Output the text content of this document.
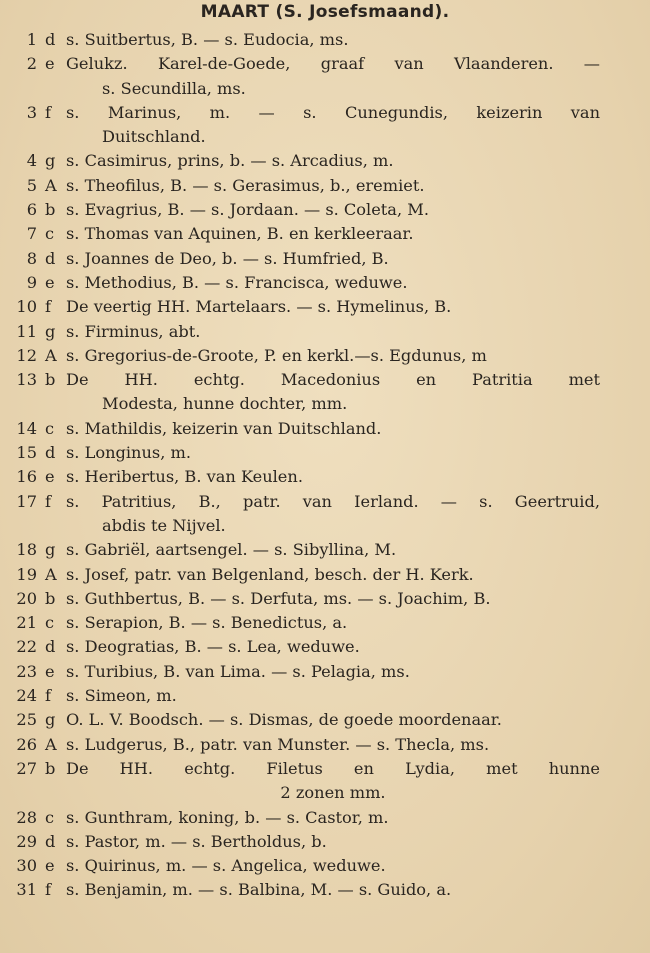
MAART (S. Josefsmaand).
1 d s. Suitbertus, B. — s. Eudocia, ms.
2 e Gelukz. Karel-de-Goede, graaf van Vlaanderen. —
s. Secundilla, ms.
3 f s. Marinus, m. — s. Cunegundis, keizerin van
Duitschland.
4 g s. Casimirus, prins, b. — s. Arcadius, m.
5 A s. Theofilus, B. — s. Gerasimus, b., eremiet.
6 b s. Evagrius, B. — s. Jordaan. — s. Coleta, M.
7 c s. Thomas van Aquinen, B. en kerkleeraar.
8 d s. Joannes de Deo, b. — s. Humfried, B.
9 e s. Methodius, B. — s. Francisca, weduwe.
10 f De veertig HH. Martelaars. — s. Hymelinus, B.
11 g s. Firminus, abt.
12 A s. Gregorius-de-Groote, P. en kerkl.—s. Egdunus, m
13 b De HH. echtg. Macedonius en Patritia met
Modesta, hunne dochter, mm.
14 c s. Mathildis, keizerin van Duitschland.
15 d s. Longinus, m.
16 e s. Heribertus, B. van Keulen.
17 f s. Patritius, B., patr. van Ierland. — s. Geertruid,
abdis te Nijvel.
18 g s. Gabriël, aartsengel. — s. Sibyllina, M.
19 A s. Josef, patr. van Belgenland, besch. der H. Kerk.
20 b s. Guthbertus, B. — s. Derfuta, ms. — s. Joachim, B.
21 c s. Serapion, B. — s. Benedictus, a.
22 d s. Deogratias, B. — s. Lea, weduwe.
23 e s. Turibius, B. van Lima. — s. Pelagia, ms.
24 f s. Simeon, m.
25 g O. L. V. Boodsch. — s. Dismas, de goede moordenaar.
26 A s. Ludgerus, B., patr. van Munster. — s. Thecla, ms.
27 b De HH. echtg. Filetus en Lydia, met hunne
2 zonen mm.
28 c s. Gunthram, koning, b. — s. Castor, m.
29 d s. Pastor, m. — s. Bertholdus, b.
30 e s. Quirinus, m. — s. Angelica, weduwe.
31 f s. Benjamin, m. — s. Balbina, M. — s. Guido, a.
